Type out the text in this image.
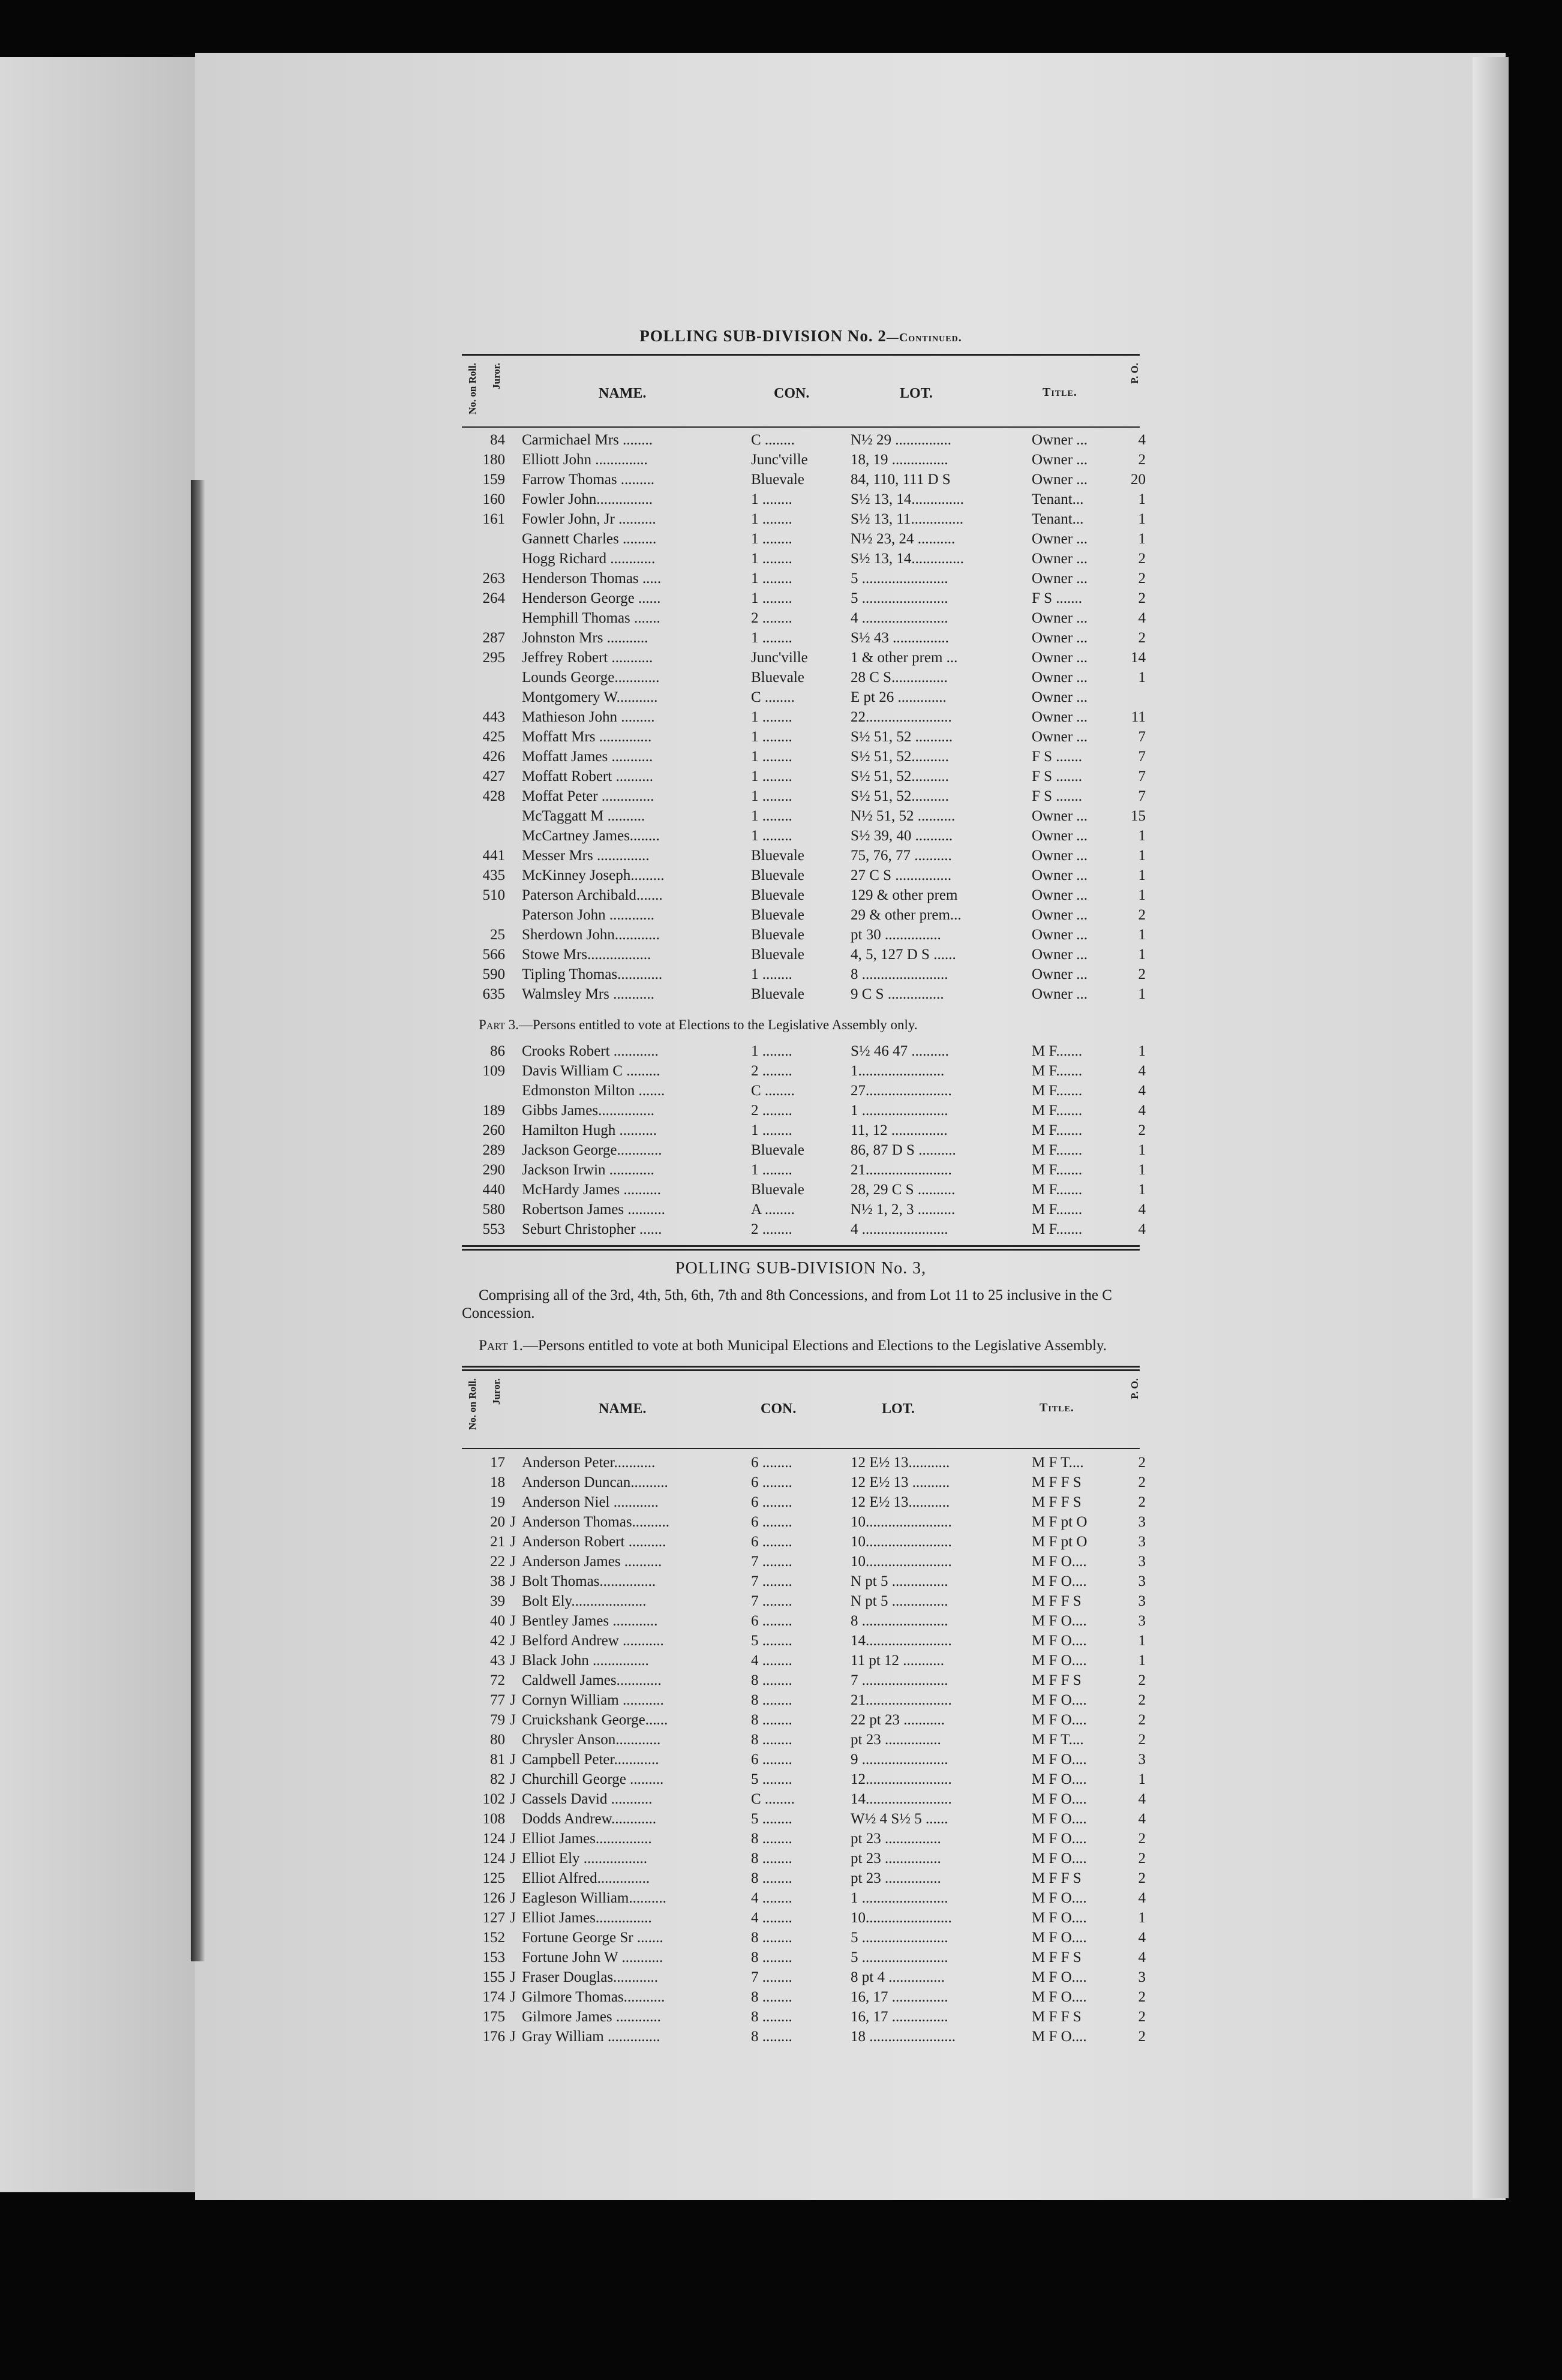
POLLING SUB-DIVISION No. 2—Continued.
No. on Roll. Juror.
NAME.	CON.	LOT.	Title.
P. O.
84 Carmichael Mrs ........	C ........	N½ 29 ...............	Owner ...	4
180 Elliott John ..............	Junc'ville	18, 19 ...............	Owner ...	2
159 Farrow Thomas .........	Bluevale	84, 110, 111 D S	Owner ...	20
160 Fowler John...............	1 ........	S½ 13, 14..............	Tenant...	1
161 Fowler John, Jr ..........	1 ........	S½ 13, 11..............	Tenant...	1
Gannett Charles .........	1 ........	N½ 23, 24 ..........	Owner ...	1
Hogg Richard ............	1 ........	S½ 13, 14..............	Owner ...	2
263 Henderson Thomas .....	1 ........	5 .......................	Owner ...	2
264 Henderson George ......	1 ........	5 .......................	F S .......	2
Hemphill Thomas .......	2 ........	4 .......................	Owner ...	4
287 Johnston Mrs ...........	1 ........	S½ 43 ...............	Owner ...	2
295 Jeffrey Robert ...........	Junc'ville	1 & other prem ...	Owner ...	14
Lounds George............	Bluevale	28 C S...............	Owner ...	1
Montgomery W...........	C ........	E pt 26 .............	Owner ...
443 Mathieson John .........	1 ........	22.......................	Owner ...	11
425 Moffatt Mrs ..............	1 ........	S½ 51, 52 ..........	Owner ...	7
426 Moffatt James ...........	1 ........	S½ 51, 52..........	F S .......	7
427 Moffatt Robert ..........	1 ........	S½ 51, 52..........	F S .......	7
428 Moffat Peter ..............	1 ........	S½ 51, 52..........	F S .......	7
McTaggatt M ..........	1 ........	N½ 51, 52 ..........	Owner ...	15
McCartney James........	1 ........	S½ 39, 40 ..........	Owner ...	1
441 Messer Mrs ..............	Bluevale	75, 76, 77 ..........	Owner ...	1
435 McKinney Joseph.........	Bluevale	27 C S ...............	Owner ...	1
510 Paterson Archibald.......	Bluevale	129 & other prem	Owner ...	1
Paterson John ............	Bluevale	29 & other prem...	Owner ...	2
25 Sherdown John............	Bluevale	pt 30 ...............	Owner ...	1
566 Stowe Mrs.................	Bluevale	4, 5, 127 D S ......	Owner ...	1
590 Tipling Thomas............	1 ........	8 .......................	Owner ...	2
635 Walmsley Mrs ...........	Bluevale	9 C S ...............	Owner ...	1
Part 3.—Persons entitled to vote at Elections to the Legislative Assembly only.
86 Crooks Robert ............	1 ........	S½ 46 47 ..........	M F.......	1
109 Davis William C .........	2 ........	1.......................	M F.......	4
Edmonston Milton .......	C ........	27.......................	M F.......	4
189 Gibbs James...............	2 ........	1 .......................	M F.......	4
260 Hamilton Hugh ..........	1 ........	11, 12 ...............	M F.......	2
289 Jackson George............	Bluevale	86, 87 D S ..........	M F.......	1
290 Jackson Irwin ............	1 ........	21.......................	M F.......	1
440 McHardy James ..........	Bluevale	28, 29 C S ..........	M F.......	1
580 Robertson James ..........	A ........	N½ 1, 2, 3 ..........	M F.......	4
553 Seburt Christopher ......	2 ........	4 .......................	M F.......	4
POLLING SUB-DIVISION No. 3,
Comprising all of the 3rd, 4th, 5th, 6th, 7th and 8th Concessions, and from Lot 11 to 25 inclusive in the C Concession.
Part 1.—Persons entitled to vote at both Municipal Elections and Elections to the Legislative Assembly.
No. on Roll. Juror.
NAME.	CON.	LOT.	Title.
P. O.
17 Anderson Peter...........	6 ........	12 E½ 13...........	M F T....	2
18 Anderson Duncan..........	6 ........	12 E½ 13 ..........	M F F S	2
19 Anderson Niel ............	6 ........	12 E½ 13...........	M F F S	2
20 J Anderson Thomas..........	6 ........	10.......................	M F pt O	3
21 J Anderson Robert ..........	6 ........	10.......................	M F pt O	3
22 J Anderson James ..........	7 ........	10.......................	M F O....	3
38 J Bolt Thomas...............	7 ........	N pt 5 ...............	M F O....	3
39 Bolt Ely....................	7 ........	N pt 5 ...............	M F F S	3
40 J Bentley James ............	6 ........	8 .......................	M F O....	3
42 J Belford Andrew ...........	5 ........	14.......................	M F O....	1
43 J Black John ...............	4 ........	11 pt 12 ...........	M F O....	1
72 Caldwell James............	8 ........	7 .......................	M F F S	2
77 J Cornyn William ...........	8 ........	21.......................	M F O....	2
79 J Cruickshank George......	8 ........	22 pt 23 ...........	M F O....	2
80 Chrysler Anson............	8 ........	pt 23 ...............	M F T....	2
81 J Campbell Peter............	6 ........	9 .......................	M F O....	3
82 J Churchill George .........	5 ........	12.......................	M F O....	1
102 J Cassels David ...........	C ........	14.......................	M F O....	4
108 Dodds Andrew............	5 ........	W½ 4 S½ 5 ......	M F O....	4
124 J Elliot James...............	8 ........	pt 23 ...............	M F O....	2
124 J Elliot Ely .................	8 ........	pt 23 ...............	M F O....	2
125 Elliot Alfred..............	8 ........	pt 23 ...............	M F F S	2
126 J Eagleson William..........	4 ........	1 .......................	M F O....	4
127 J Elliot James...............	4 ........	10.......................	M F O....	1
152 Fortune George Sr .......	8 ........	5 .......................	M F O....	4
153 Fortune John W ...........	8 ........	5 .......................	M F F S	4
155 J Fraser Douglas............	7 ........	8 pt 4 ...............	M F O....	3
174 J Gilmore Thomas...........	8 ........	16, 17 ...............	M F O....	2
175 Gilmore James ............	8 ........	16, 17 ...............	M F F S	2
176 J Gray William ..............	8 ........	18 .......................	M F O....	2
